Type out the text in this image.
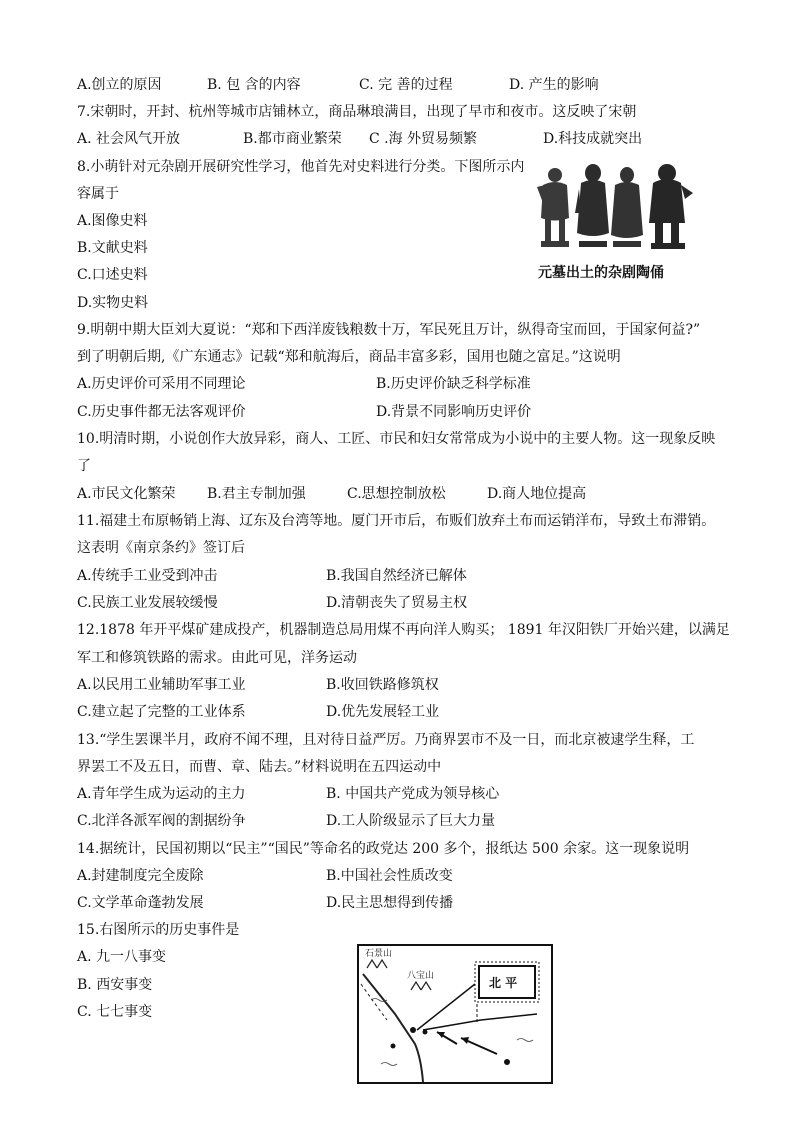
A.创立的原因	B. 包 含的内容	C. 完 善的过程	D. 产生的影响
7.宋朝时，开封、杭州等城市店铺林立，商品琳琅满目，出现了早市和夜市。这反映了宋朝
A. 社会风气开放	B.都市商业繁荣 C .海 外贸易频繁	D.科技成就突出
8.小萌针对元杂剧开展研究性学习，他首先对史料进行分类。下图所示内
容属于
A.图像史料
B.文献史料
C.口述史料
D.实物史料
元墓出土的杂剧陶俑
9.明朝中期大臣刘大夏说：“郑和下西洋废钱粮数十万，军民死且万计，纵得奇宝而回，于国家何益?”
到了明朝后期,《广东通志》记载“郑和航海后，商品丰富多彩，国用也随之富足。”这说明
A.历史评价可采用不同理论	B.历史评价缺乏科学标准
C.历史事件都无法客观评价	D.背景不同影响历史评价
10.明清时期，小说创作大放异彩，商人、工匠、市民和妇女常常成为小说中的主要人物。这一现象反映
了
A.市民文化繁荣 B.君主专制加强	C.思想控制放松	D.商人地位提高
11.福建土布原畅销上海、辽东及台湾等地。厦门开市后，布贩们放弃土布而运销洋布，导致土布滞销。
这表明《南京条约》签订后
A.传统手工业受到冲击	B.我国自然经济已解体
C.民族工业发展较缓慢	D.清朝丧失了贸易主权
12.1878 年开平煤矿建成投产，机器制造总局用煤不再向洋人购买； 1891 年汉阳铁厂开始兴建，以满足
军工和修筑铁路的需求。由此可见，洋务运动
A.以民用工业辅助军事工业	B.收回铁路修筑权
C.建立起了完整的工业体系	D.优先发展轻工业
13.“学生罢课半月，政府不闻不理，且对待日益严厉。乃商界罢市不及一日，而北京被逮学生释，工
界罢工不及五日，而曹、章、陆去。”材料说明在五四运动中
A.青年学生成为运动的主力	B. 中国共产党成为领导核心
C.北洋各派军阀的割据纷争	D.工人阶级显示了巨大力量
14.据统计，民国初期以“民主”“国民”等命名的政党达 200 多个，报纸达 500 余家。这一现象说明
A.封建制度完全废除	B.中国社会性质改变
C.文学革命蓬勃发展	D.民主思想得到传播
15.右图所示的历史事件是
A. 九一八事变
B. 西安事变
C. 七七事变
石景山
八宝山	北 平
